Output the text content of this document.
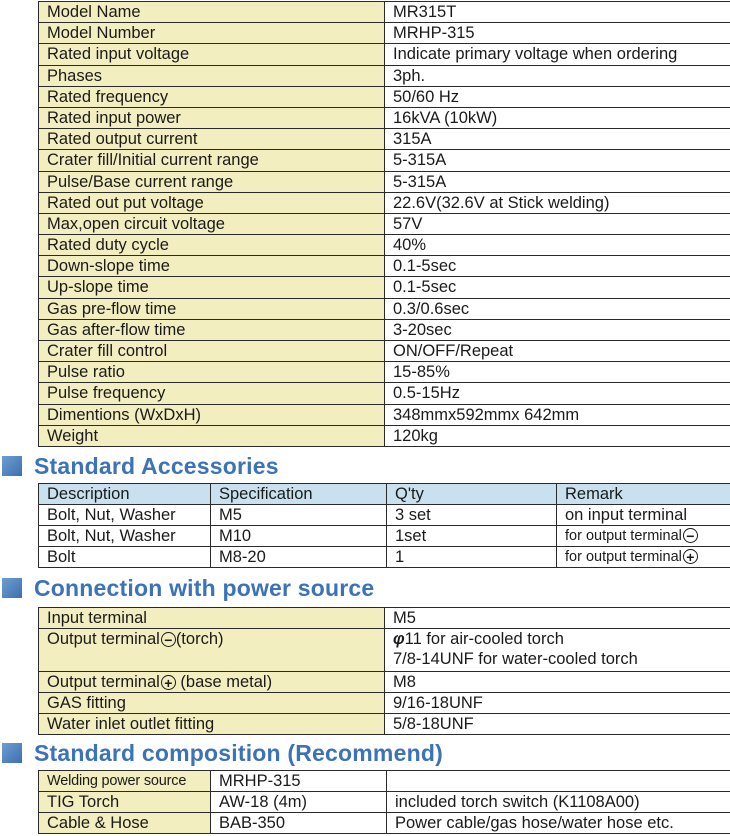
Model Name	MR315T
Model Number	MRHP-315
Rated input voltage	Indicate primary voltage when ordering
Phases	3ph.
Rated frequency	50/60 Hz
Rated input power	16kVA (10kW)
Rated output current	315A
Crater fill/Initial current range	5-315A
Pulse/Base current range	5-315A
Rated out put voltage	22.6V(32.6V at Stick welding)
Max,open circuit voltage	57V
Rated duty cycle	40%
Down-slope time	0.1-5sec
Up-slope time	0.1-5sec
Gas pre-flow time	0.3/0.6sec
Gas after-flow time	3-20sec
Crater fill control	ON/OFF/Repeat
Pulse ratio	15-85%
Pulse frequency	0.5-15Hz
Dimentions (WxDxH)	348mmx592mmx 642mm
Weight	120kg
Standard Accessories
Description	Specification	Q'ty	Remark
Bolt, Nut, Washer	M5	3 set	on input terminal
Bolt, Nut, Washer	M10	1set	for output terminal −
Bolt	M8-20	1	for output terminal +
Connection with power source
Input terminal	M5
Output terminal − (torch)	φ11 for air-cooled torch
7/8-14UNF for water-cooled torch
Output terminal + (base metal)	M8
GAS fitting	9/16-18UNF
Water inlet outlet fitting	5/8-18UNF
Standard composition (Recommend)
Welding power source	MRHP-315	
TIG Torch	AW-18 (4m)	included torch switch (K1108A00)
Cable & Hose	BAB-350	Power cable/gas hose/water hose etc.
